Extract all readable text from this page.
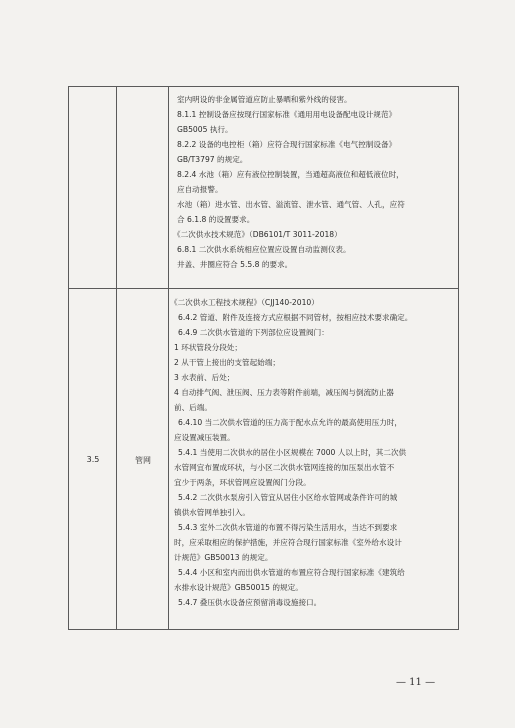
室内明设的非金属管道应防止暴晒和紫外线的侵害。
8.1.1 控制设备应按现行国家标准《通用用电设备配电设计规范》
GB5005 执行。
8.2.2 设备的电控柜（箱）应符合现行国家标准《电气控制设备》
GB/T3797 的规定。
8.2.4 水池（箱）应有液位控制装置，当通超高液位和超低液位时，
应自动报警。
水池（箱）进水管、出水管、溢流管、泄水管、通气管、人孔，应符
合 6.1.8 的设置要求。
《二次供水技术规范》（DB6101/T 3011-2018）
6.8.1 二次供水系统相应位置应设置自动监测仪表。
井盖、井圈应符合 5.5.8 的要求。
3.5	管网
《二次供水工程技术规程》（CJJ140-2010）
6.4.2 管道、附件及连接方式应根据不同管材，按相应技术要求确定。
6.4.9 二次供水管道的下列部位应设置阀门：
1 环状管段分段处；
2 从干管上接出的支管起始端；
3 水表前、后处；
4 自动排气阀、泄压阀、压力表等附件前端，减压阀与倒流防止器
前、后端。
6.4.10 当二次供水管道的压力高于配水点允许的最高使用压力时，
应设置减压装置。
5.4.1 当使用二次供水的居住小区规模在 7000 人以上时，其二次供
水管网宜布置成环状，与小区二次供水管网连接的加压泵出水管不
宜少于两条，环状管网应设置阀门分段。
5.4.2 二次供水泵房引入管宜从居住小区给水管网或条件许可的城
镇供水管网单独引入。
5.4.3 室外二次供水管道的布置不得污染生活用水，当达不到要求
时，应采取相应的保护措施，并应符合现行国家标准《室外给水设计
计规范》GB50013 的规定。
5.4.4 小区和室内而出供水管道的布置应符合现行国家标准《建筑给
水排水设计规范》GB50015 的规定。
5.4.7 叠压供水设备应预留消毒设施接口。
— 11 —
